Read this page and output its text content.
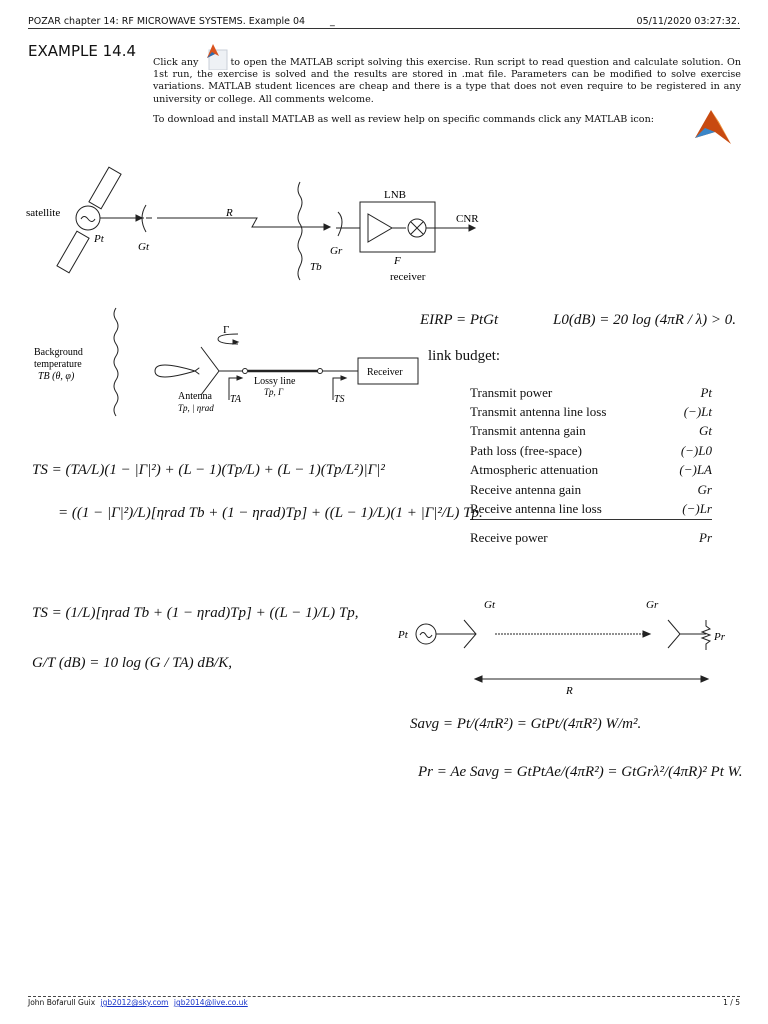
POZAR chapter 14: RF MICROWAVE SYSTEMS. Example 04	_	05/11/2020 03:27:32.
EXAMPLE 14.4
Click any	to open the MATLAB script solving this exercise. Run script to read question and calculate solution. On 1st run, the exercise is solved and the results are stored in .mat file. Parameters can be modified to solve exercise variations. MATLAB student licences are cheap and there is a type that does not even require to be registered in any university or college. All comments welcome.
To download and install MATLAB as well as review help on specific commands click any MATLAB icon:
satellite
Pt
Gt
R
Tb
Gr
LNB
F
receiver
CNR
Background
temperature
TB (θ, φ)
Γ
Antenna
Tp, | ηrad
TA
Lossy line
Tp, Γ
TS
Receiver
EIRP = PtGt	L0(dB) = 20 log (4πR / λ) > 0.
link budget:
Transmit power	Pt
Transmit antenna line loss	(−)Lt
Transmit antenna gain	Gt
Path loss (free-space)	(−)L0
Atmospheric attenuation	(−)LA
Receive antenna gain	Gr
Receive antenna line loss	(−)Lr
Receive power	Pr
TS = (TA/L)(1 − |Γ|²) + (L − 1)(Tp/L) + (L − 1)(Tp/L²)|Γ|²
= ((1 − |Γ|²)/L)[ηrad Tb + (1 − ηrad)Tp] + ((L − 1)/L)(1 + |Γ|²/L) Tp.
TS = (1/L)[ηrad Tb + (1 − ηrad)Tp] + ((L − 1)/L) Tp,
G/T (dB) = 10 log (G / TA) dB/K,
Pt
Gt	Gr
Pr
R
Savg = Pt/(4πR²) = GtPt/(4πR²) W/m².
Pr = Ae Savg = GtPtAe/(4πR²) = GtGrλ²/(4πR)² Pt W.
John Bofarull Guix jgb2012@sky.com jgb2014@live.co.uk	1 / 5
